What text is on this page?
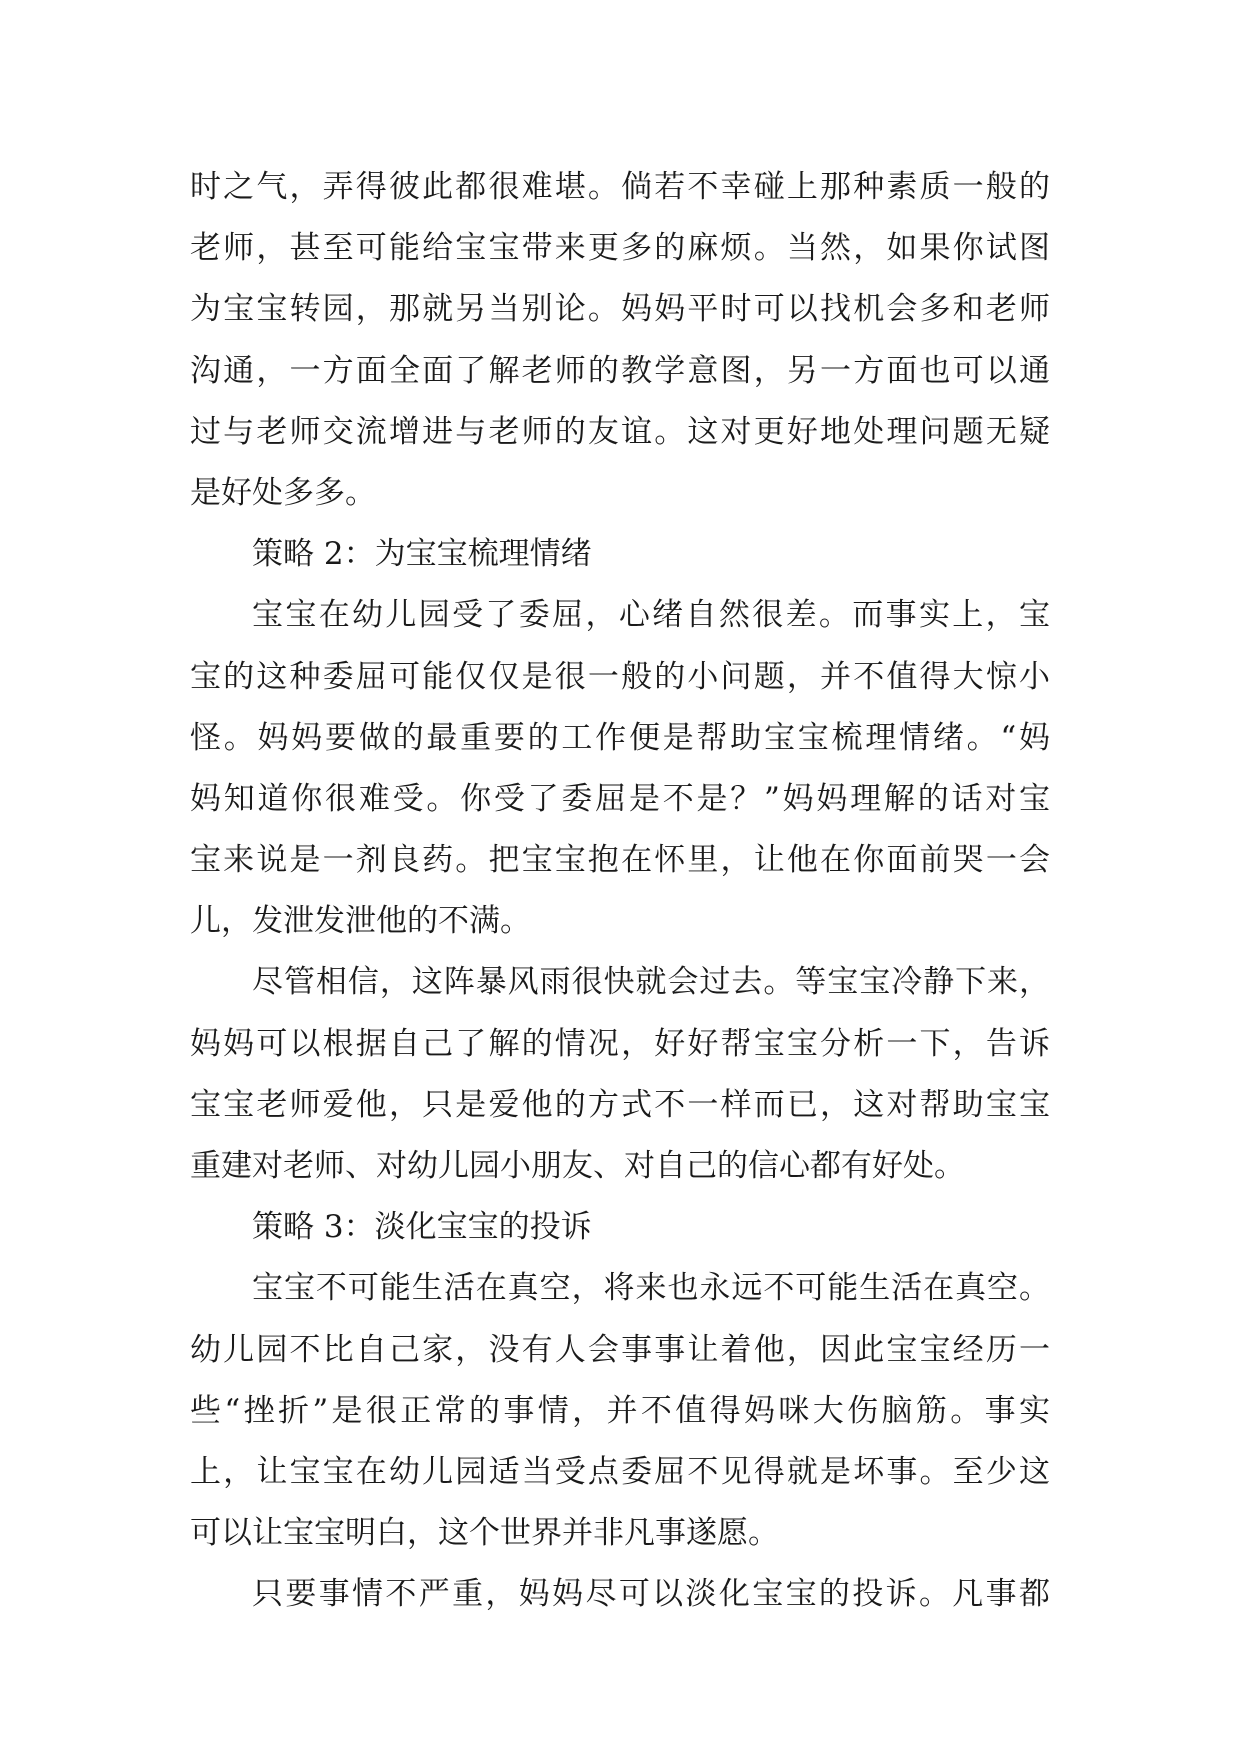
时之气，弄得彼此都很难堪。倘若不幸碰上那种素质一般的
老师，甚至可能给宝宝带来更多的麻烦。当然，如果你试图
为宝宝转园，那就另当别论。妈妈平时可以找机会多和老师
沟通，一方面全面了解老师的教学意图，另一方面也可以通
过与老师交流增进与老师的友谊。这对更好地处理问题无疑
是好处多多。
策略 2：为宝宝梳理情绪
宝宝在幼儿园受了委屈，心绪自然很差。而事实上，宝
宝的这种委屈可能仅仅是很一般的小问题，并不值得大惊小
怪。妈妈要做的最重要的工作便是帮助宝宝梳理情绪。“妈
妈知道你很难受。你受了委屈是不是？”妈妈理解的话对宝
宝来说是一剂良药。把宝宝抱在怀里，让他在你面前哭一会
儿，发泄发泄他的不满。
尽管相信，这阵暴风雨很快就会过去。等宝宝冷静下来，
妈妈可以根据自己了解的情况，好好帮宝宝分析一下，告诉
宝宝老师爱他，只是爱他的方式不一样而已，这对帮助宝宝
重建对老师、对幼儿园小朋友、对自己的信心都有好处。
策略 3：淡化宝宝的投诉
宝宝不可能生活在真空，将来也永远不可能生活在真空。
幼儿园不比自己家，没有人会事事让着他，因此宝宝经历一
些“挫折”是很正常的事情，并不值得妈咪大伤脑筋。事实
上，让宝宝在幼儿园适当受点委屈不见得就是坏事。至少这
可以让宝宝明白，这个世界并非凡事遂愿。
只要事情不严重，妈妈尽可以淡化宝宝的投诉。凡事都
